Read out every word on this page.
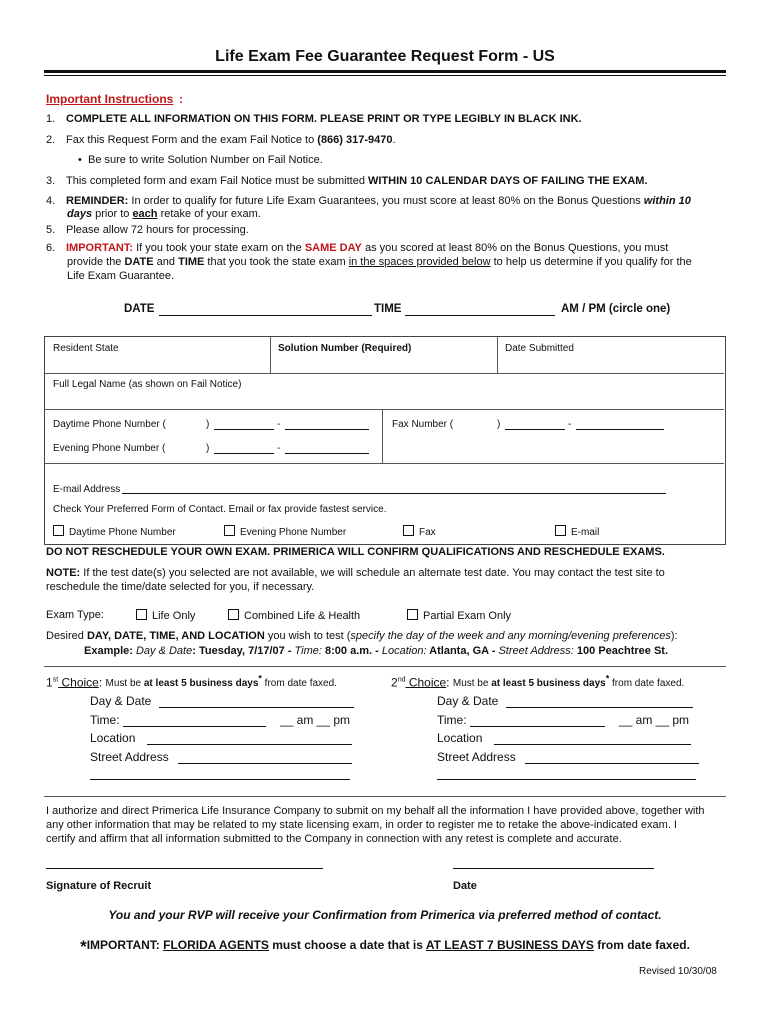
Life Exam Fee Guarantee Request Form - US
Important Instructions :
1. COMPLETE ALL INFORMATION ON THIS FORM. PLEASE PRINT OR TYPE LEGIBLY IN BLACK INK.
2. Fax this Request Form and the exam Fail Notice to (866) 317-9470.
• Be sure to write Solution Number on Fail Notice.
3. This completed form and exam Fail Notice must be submitted WITHIN 10 CALENDAR DAYS OF FAILING THE EXAM.
4. REMINDER: In order to qualify for future Life Exam Guarantees, you must score at least 80% on the Bonus Questions within 10
days prior to each retake of your exam.
5. Please allow 72 hours for processing.
6. IMPORTANT: If you took your state exam on the SAME DAY as you scored at least 80% on the Bonus Questions, you must
provide the DATE and TIME that you took the state exam in the spaces provided below to help us determine if you qualify for the
Life Exam Guarantee.
DATE	TIME	AM / PM (circle one)
Resident State	Solution Number (Required)	Date Submitted
Full Legal Name (as shown on Fail Notice)
Daytime Phone Number (	)	-
Evening Phone Number (	)	-
Fax Number (	)	-
E-mail Address
Check Your Preferred Form of Contact. Email or fax provide fastest service.
Daytime Phone Number	Evening Phone Number	Fax	E-mail
DO NOT RESCHEDULE YOUR OWN EXAM. PRIMERICA WILL CONFIRM QUALIFICATIONS AND RESCHEDULE EXAMS.
NOTE: If the test date(s) you selected are not available, we will schedule an alternate test date. You may contact the test site to
reschedule the time/date selected for you, if necessary.
Exam Type:	Life Only	Combined Life & Health	Partial Exam Only
Desired DAY, DATE, TIME, AND LOCATION you wish to test (specify the day of the week and any morning/evening preferences):
Example: Day & Date: Tuesday, 7/17/07 - Time: 8:00 a.m. - Location: Atlanta, GA - Street Address: 100 Peachtree St.
1st Choice: Must be at least 5 business days* from date faxed.
Day & Date
Time:	__ am __ pm
Location
Street Address
2nd Choice: Must be at least 5 business days* from date faxed.
Day & Date
Time:	__ am __ pm
Location
Street Address
I authorize and direct Primerica Life Insurance Company to submit on my behalf all the information I have provided above, together with
any other information that may be related to my state licensing exam, in order to register me to retake the above-indicated exam. I
certify and affirm that all information submitted to the Company in connection with any retest is complete and accurate.
Signature of Recruit	Date
You and your RVP will receive your Confirmation from Primerica via preferred method of contact.
*IMPORTANT: FLORIDA AGENTS must choose a date that is AT LEAST 7 BUSINESS DAYS from date faxed.
Revised 10/30/08
